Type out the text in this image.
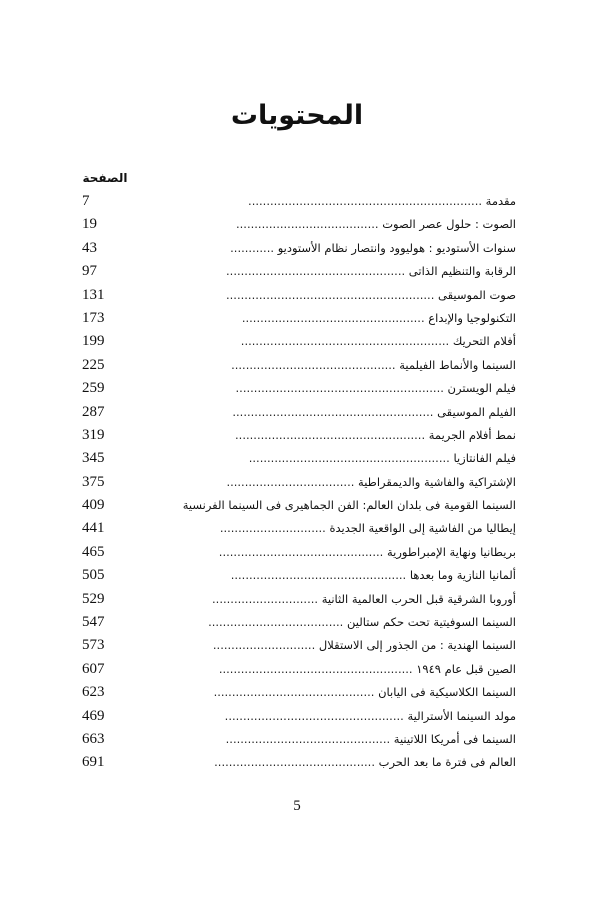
المحتويات
الصفحة
7	مقدمة ................................................................
19	الصوت : حلول عصر الصوت .......................................
43	سنوات الأستوديو : هوليوود وانتصار نظام الأستوديو ............
97	الرقابة والتنظيم الذاتى .................................................
131	صوت الموسيقى .........................................................
173	التكنولوجيا والإبداع ..................................................
199	أفلام التحريك .........................................................
225	السينما والأنماط الفيلمية .............................................
259	فيلم الويسترن .........................................................
287	الفيلم الموسيقى .......................................................
319	نمط أفلام الجريمة ....................................................
345	فيلم الفانتازيا .......................................................
375	الإشتراكية والفاشية والديمقراطية ...................................
409	السينما القومية فى بلدان العالم: الفن الجماهيرى فى السينما الفرنسية
441	إيطاليا من الفاشية إلى الواقعية الجديدة .............................
465	بريطانيا ونهاية الإمبراطورية .............................................
505	ألمانيا النازية وما بعدها ................................................
529	أوروبا الشرقية قبل الحرب العالمية الثانية .............................
547	السينما السوفيتية تحت حكم ستالين .....................................
573	السينما الهندية : من الجذور إلى الاستقلال ............................
607	الصين قبل عام ١٩٤٩ .....................................................
623	السينما الكلاسيكية فى اليابان ............................................
469	مولد السينما الأسترالية .................................................
663	السينما فى أمريكا اللاتينية .............................................
691	العالم فى فترة ما بعد الحرب ............................................
5
